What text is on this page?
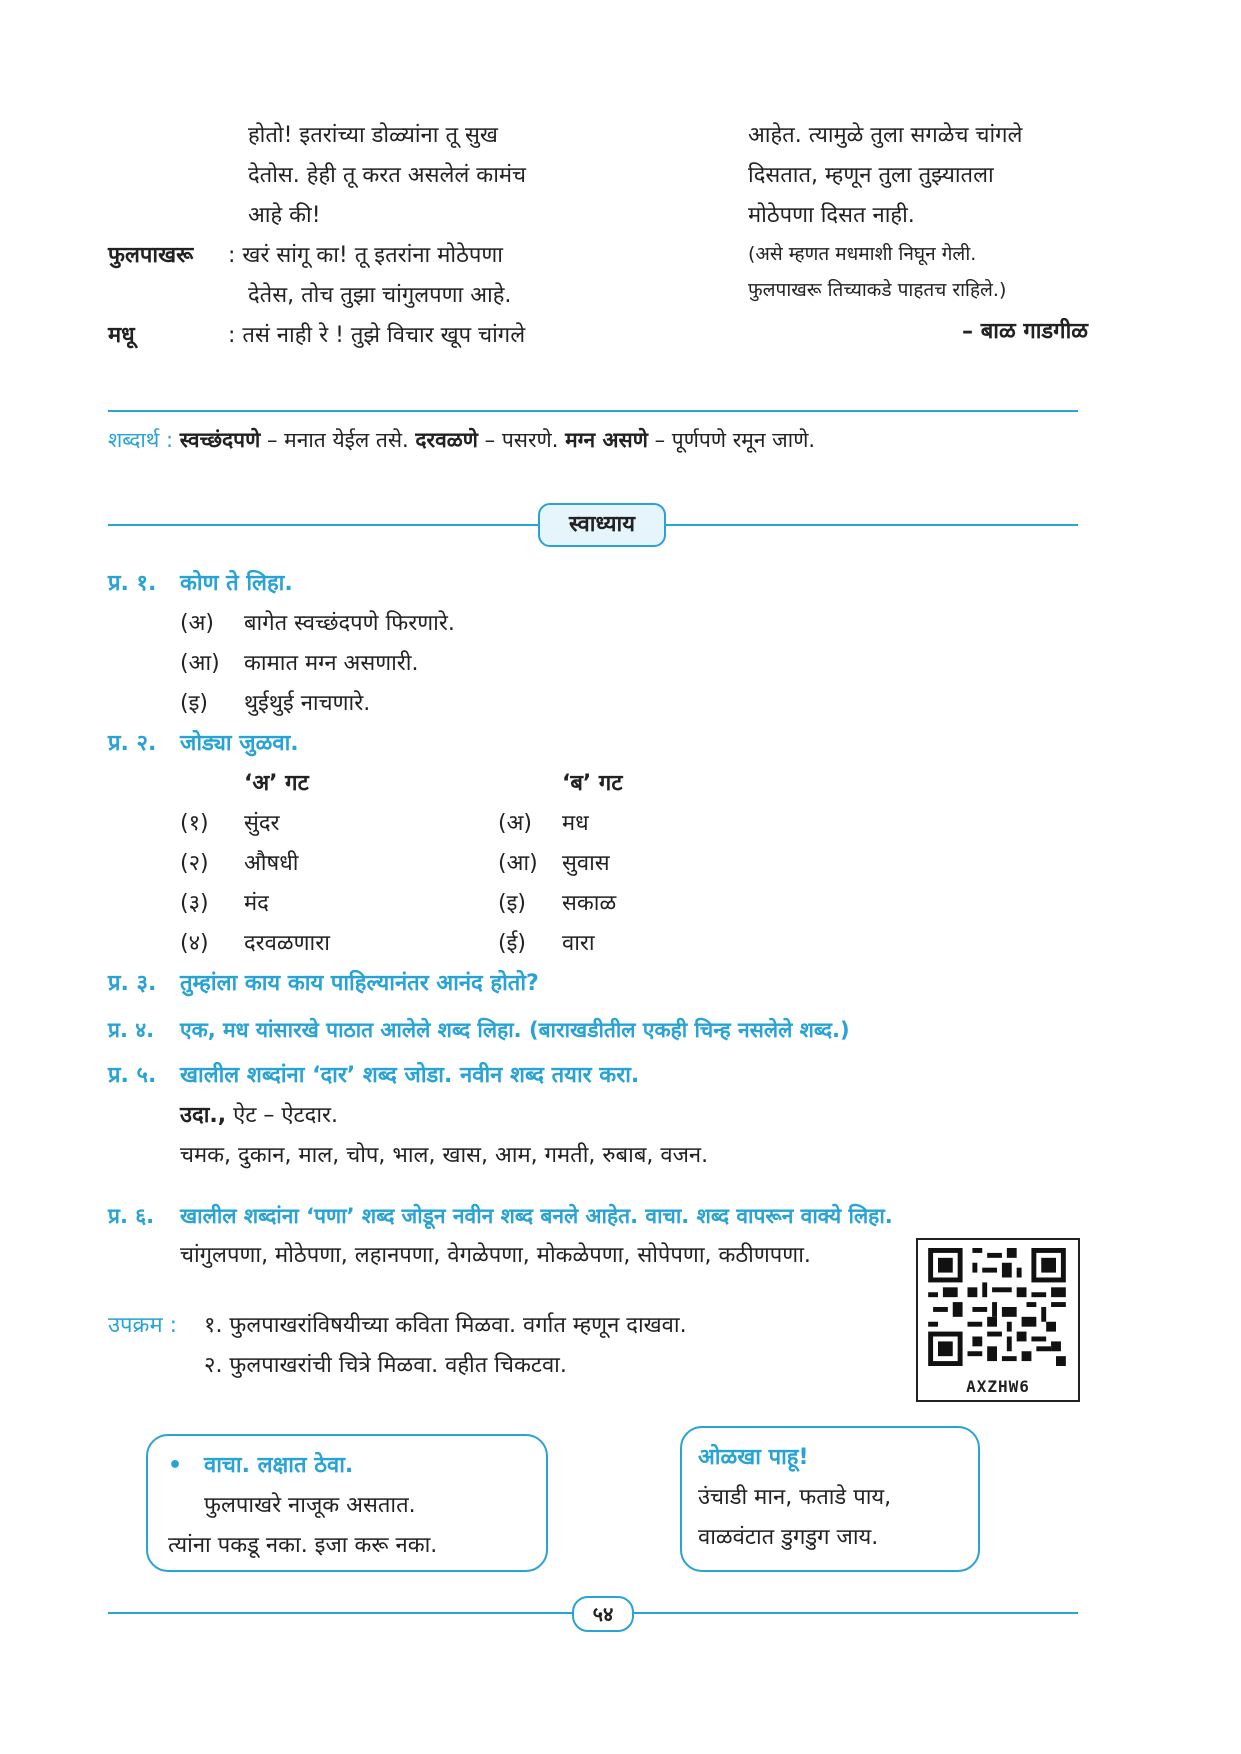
होतो! इतरांच्या डोळ्यांना तू सुख
देतोस. हेही तू करत असलेलं कामंच
आहे की!
फुलपाखरू	: खरं सांगू का! तू इतरांना मोठेपणा
देतेस, तोच तुझा चांगुलपणा आहे.
मधू	: तसं नाही रे ! तुझे विचार खूप चांगले
आहेत. त्यामुळे तुला सगळेच चांगले
दिसतात, म्हणून तुला तुझ्यातला
मोठेपणा दिसत नाही.
(असे म्हणत मधमाशी निघून गेली.
फुलपाखरू तिच्याकडे पाहतच राहिले.)
– बाळ गाडगीळ
शब्दार्थ : स्वच्छंदपणे – मनात येईल तसे. दरवळणे – पसरणे. मग्न असणे – पूर्णपणे रमून जाणे.
स्वाध्याय
प्र. १. कोण ते लिहा.
(अ) बागेत स्वच्छंदपणे फिरणारे.
(आ) कामात मग्न असणारी.
(इ) थुईथुई नाचणारे.
प्र. २. जोड्या जुळवा.
‘अ’ गट	‘ब’ गट
(१) सुंदर	(अ) मध
(२) औषधी	(आ) सुवास
(३) मंद	(इ) सकाळ
(४) दरवळणारा	(ई) वारा
प्र. ३. तुम्हांला काय काय पाहिल्यानंतर आनंद होतो?
प्र. ४. एक, मध यांसारखे पाठात आलेले शब्द लिहा. (बाराखडीतील एकही चिन्ह नसलेले शब्द.)
प्र. ५. खालील शब्दांना ‘दार’ शब्द जोडा. नवीन शब्द तयार करा.
उदा., ऐट – ऐटदार.
चमक, दुकान, माल, चोप, भाल, खास, आम, गमती, रुबाब, वजन.
प्र. ६. खालील शब्दांना ‘पणा’ शब्द जोडून नवीन शब्द बनले आहेत. वाचा. शब्द वापरून वाक्ये लिहा.
चांगुलपणा, मोठेपणा, लहानपणा, वेगळेपणा, मोकळेपणा, सोपेपणा, कठीणपणा.
AXZHW6
उपक्रम : १. फुलपाखरांविषयीच्या कविता मिळवा. वर्गात म्हणून दाखवा.
२. फुलपाखरांची चित्रे मिळवा. वहीत चिकटवा.
• वाचा. लक्षात ठेवा.
फुलपाखरे नाजूक असतात.
त्यांना पकडू नका. इजा करू नका.
ओळखा पाहू!
उंचाडी मान, फताडे पाय,
वाळवंटात डुगडुग जाय.
५४
